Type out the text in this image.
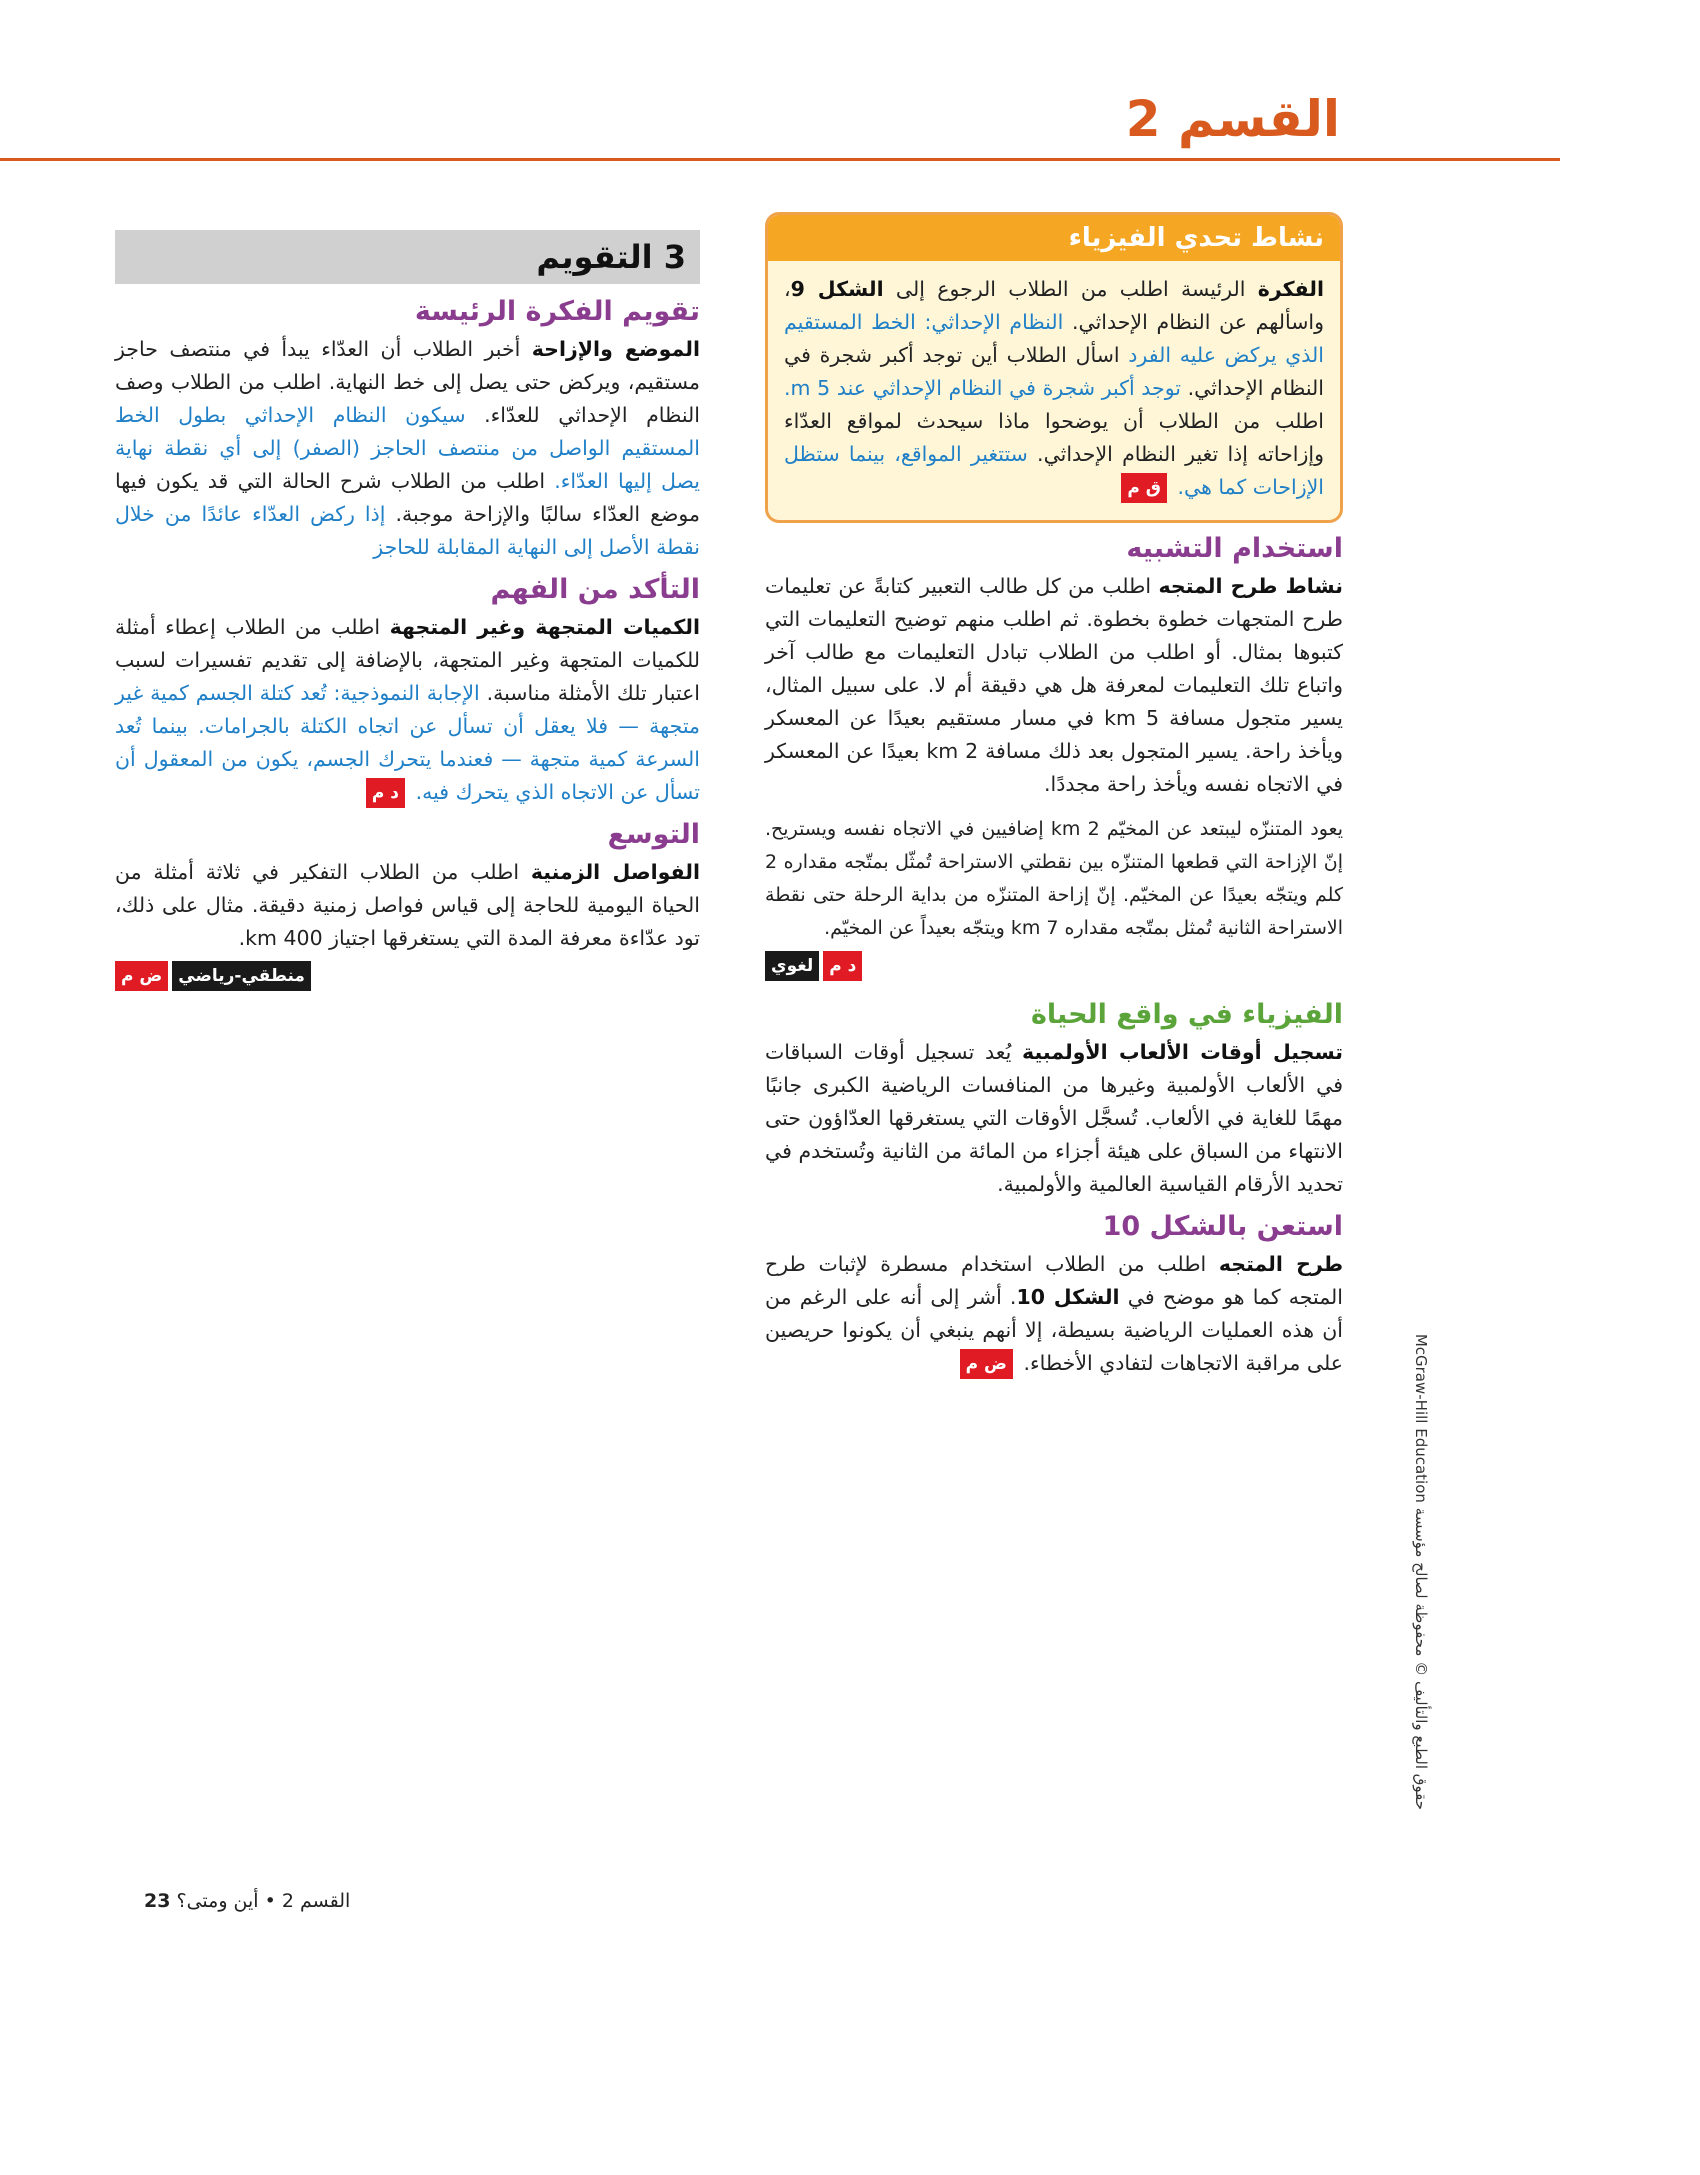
القسم 2
نشاط تحدي الفيزياء

الفكرة الرئيسة اطلب من الطلاب الرجوع إلى الشكل 9، واسألهم عن النظام الإحداثي. النظام الإحداثي: الخط المستقيم الذي يركض عليه الفرد اسأل الطلاب أين توجد أكبر شجرة في النظام الإحداثي. توجد أكبر شجرة في النظام الإحداثي عند 5 m. اطلب من الطلاب أن يوضحوا ماذا سيحدث لمواقع العدّاء وإزاحاته إذا تغير النظام الإحداثي. ستتغير المواقع، بينما ستظل الإزاحات كما هي. ق م

استخدام التشبيه

نشاط طرح المتجه اطلب من كل طالب التعبير كتابةً عن تعليمات طرح المتجهات خطوة بخطوة. ثم اطلب منهم توضيح التعليمات التي كتبوها بمثال. أو اطلب من الطلاب تبادل التعليمات مع طالب آخر واتباع تلك التعليمات لمعرفة هل هي دقيقة أم لا. على سبيل المثال، يسير متجول مسافة 5 km في مسار مستقيم بعيدًا عن المعسكر ويأخذ راحة. يسير المتجول بعد ذلك مسافة 2 km بعيدًا عن المعسكر في الاتجاه نفسه ويأخذ راحة مجددًا.

يعود المتنزّه ليبتعد عن المخيّم 2 km إضافيين في الاتجاه نفسه ويستريح. إنّ الإزاحة التي قطعها المتنزّه بين نقطتي الاستراحة تُمثّل بمتّجه مقداره 2 كلم ويتجّه بعيدًا عن المخيّم. إنّ إزاحة المتنزّه من بداية الرحلة حتى نقطة الاستراحة الثانية تُمثل بمتّجه مقداره 7 km ويتجّه بعيداً عن المخيّم.

د ملغوي
الفيزياء في واقع الحياة

تسجيل أوقات الألعاب الأولمبية يُعد تسجيل أوقات السباقات في الألعاب الأولمبية وغيرها من المنافسات الرياضية الكبرى جانبًا مهمًا للغاية في الألعاب. تُسجَّل الأوقات التي يستغرقها العدّاؤون حتى الانتهاء من السباق على هيئة أجزاء من المائة من الثانية وتُستخدم في تحديد الأرقام القياسية العالمية والأولمبية.

استعن بالشكل 10

طرح المتجه اطلب من الطلاب استخدام مسطرة لإثبات طرح المتجه كما هو موضح في الشكل 10. أشر إلى أنه على الرغم من أن هذه العمليات الرياضية بسيطة، إلا أنهم ينبغي أن يكونوا حريصين على مراقبة الاتجاهات لتفادي الأخطاء. ض م

3 التقويم
تقويم الفكرة الرئيسة

الموضع والإزاحة أخبر الطلاب أن العدّاء يبدأ في منتصف حاجز مستقيم، ويركض حتى يصل إلى خط النهاية. اطلب من الطلاب وصف النظام الإحداثي للعدّاء. سيكون النظام الإحداثي بطول الخط المستقيم الواصل من منتصف الحاجز (الصفر) إلى أي نقطة نهاية يصل إليها العدّاء. اطلب من الطلاب شرح الحالة التي قد يكون فيها موضع العدّاء سالبًا والإزاحة موجبة. إذا ركض العدّاء عائدًا من خلال نقطة الأصل إلى النهاية المقابلة للحاجز

التأكد من الفهم

الكميات المتجهة وغير المتجهة اطلب من الطلاب إعطاء أمثلة للكميات المتجهة وغير المتجهة، بالإضافة إلى تقديم تفسيرات لسبب اعتبار تلك الأمثلة مناسبة. الإجابة النموذجية: تُعد كتلة الجسم كمية غير متجهة — فلا يعقل أن تسأل عن اتجاه الكتلة بالجرامات. بينما تُعد السرعة كمية متجهة — فعندما يتحرك الجسم، يكون من المعقول أن تسأل عن الاتجاه الذي يتحرك فيه. د م

التوسع

الفواصل الزمنية اطلب من الطلاب التفكير في ثلاثة أمثلة من الحياة اليومية للحاجة إلى قياس فواصل زمنية دقيقة. مثال على ذلك، تود عدّاءة معرفة المدة التي يستغرقها اجتياز 400 km.

منطقي-رياضيض م
حقوق الطبع والتأليف © محفوظة لصالح مؤسسة McGraw-Hill Education
القسم 2 • أين ومتى؟ 23
